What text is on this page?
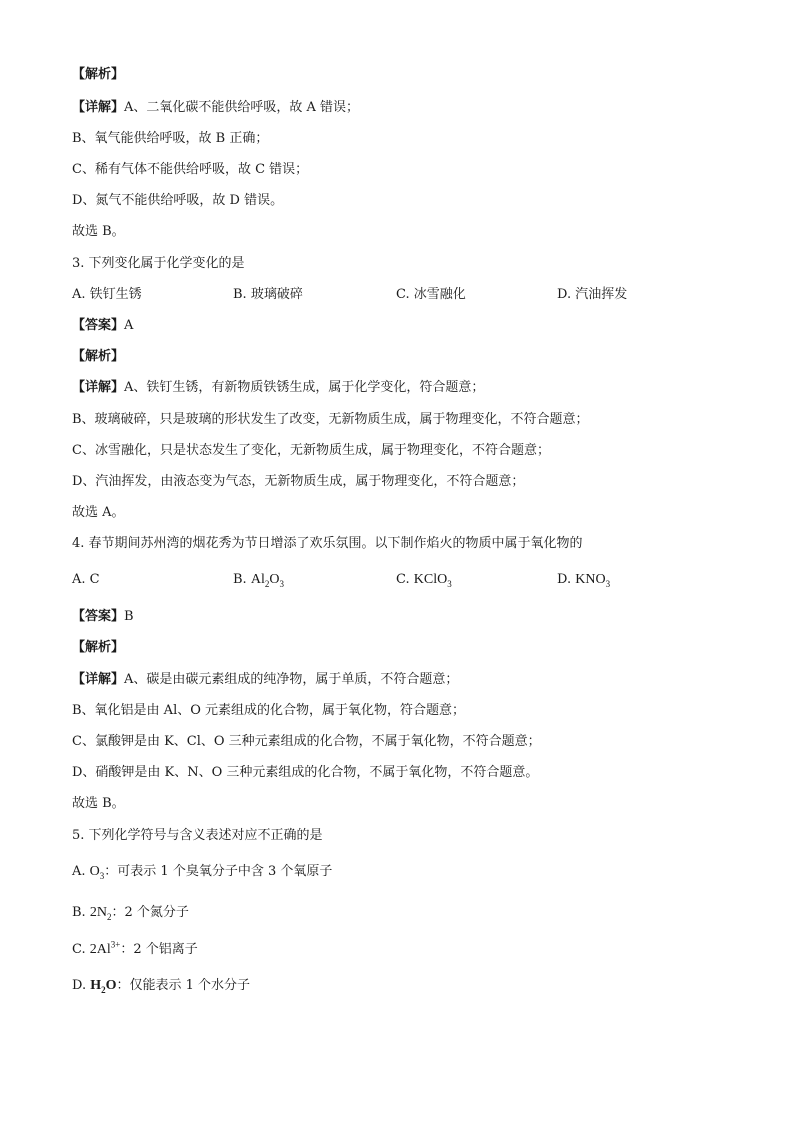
【解析】
【详解】A、二氧化碳不能供给呼吸，故 A 错误；
B、氧气能供给呼吸，故 B 正确；
C、稀有气体不能供给呼吸，故 C 错误；
D、氮气不能供给呼吸，故 D 错误。
故选 B。
3. 下列变化属于化学变化的是
A. 铁钉生锈	B. 玻璃破碎	C. 冰雪融化	D. 汽油挥发
【答案】A
【解析】
【详解】A、铁钉生锈，有新物质铁锈生成，属于化学变化，符合题意；
B、玻璃破碎，只是玻璃的形状发生了改变，无新物质生成，属于物理变化，不符合题意；
C、冰雪融化，只是状态发生了变化，无新物质生成，属于物理变化，不符合题意；
D、汽油挥发，由液态变为气态，无新物质生成，属于物理变化，不符合题意；
故选 A。
4. 春节期间苏州湾的烟花秀为节日增添了欢乐氛围。以下制作焰火的物质中属于氧化物的
A. C	B. $Al_2O_3$	C. KClO$_3$	D. $KNO_3$
【答案】B
【解析】
【详解】A、碳是由碳元素组成的纯净物，属于单质，不符合题意；
B、氧化铝是由 Al、O 元素组成的化合物，属于氧化物，符合题意；
C、氯酸钾是由 K、Cl、O 三种元素组成的化合物，不属于氧化物，不符合题意；
D、硝酸钾是由 K、N、O 三种元素组成的化合物，不属于氧化物，不符合题意。
故选 B。
5. 下列化学符号与含义表述对应不正确的是
A. $O_3$：可表示 1 个臭氧分子中含 3 个氧原子
B. $2N_2$：2 个氮分子
C. $2Al^{3+}$：2 个铝离子
D. $H_2O$：仅能表示 1 个水分子
